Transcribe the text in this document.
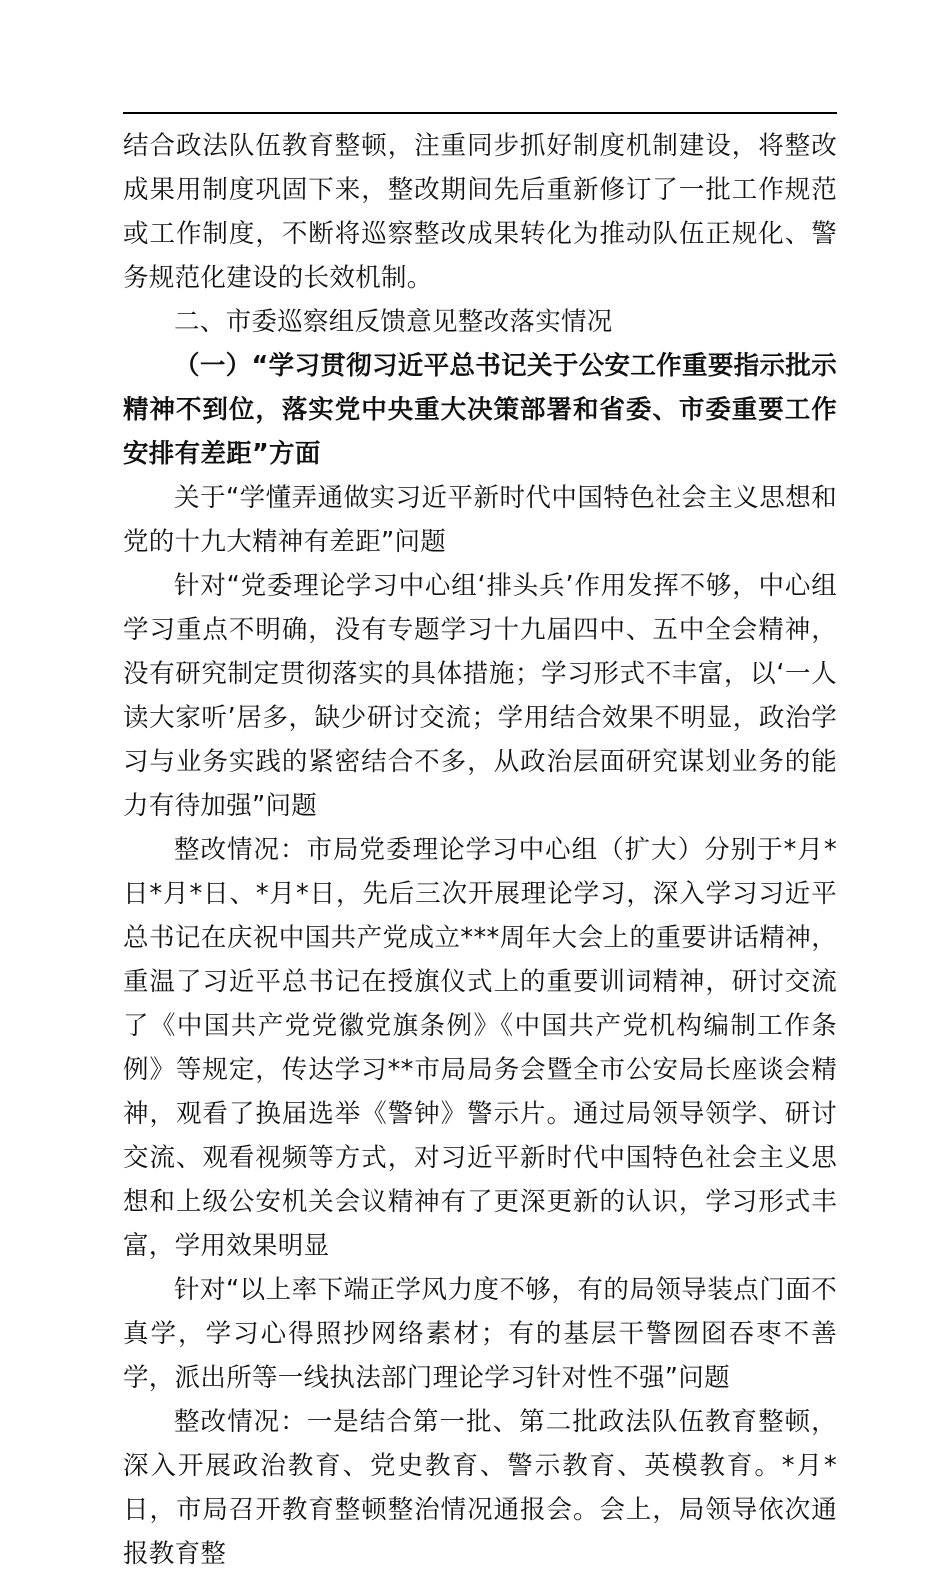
结合政法队伍教育整顿，注重同步抓好制度机制建设，将整改成果用制度巩固下来，整改期间先后重新修订了一批工作规范或工作制度，不断将巡察整改成果转化为推动队伍正规化、警务规范化建设的长效机制。

二、市委巡察组反馈意见整改落实情况

（一）“学习贯彻习近平总书记关于公安工作重要指示批示精神不到位，落实党中央重大决策部署和省委、市委重要工作安排有差距”方面

关于“学懂弄通做实习近平新时代中国特色社会主义思想和党的十九大精神有差距”问题

针对“党委理论学习中心组‘排头兵’作用发挥不够，中心组学习重点不明确，没有专题学习十九届四中、五中全会精神，没有研究制定贯彻落实的具体措施；学习形式不丰富，以‘一人读大家听’居多，缺少研讨交流；学用结合效果不明显，政治学习与业务实践的紧密结合不多，从政治层面研究谋划业务的能力有待加强”问题

整改情况：市局党委理论学习中心组（扩大）分别于*月*日*月*日、*月*日，先后三次开展理论学习，深入学习习近平总书记在庆祝中国共产党成立***周年大会上的重要讲话精神，重温了习近平总书记在授旗仪式上的重要训词精神，研讨交流了《中国共产党党徽党旗条例》《中国共产党机构编制工作条例》等规定，传达学习**市局局务会暨全市公安局长座谈会精神，观看了换届选举《警钟》警示片。通过局领导领学、研讨交流、观看视频等方式，对习近平新时代中国特色社会主义思想和上级公安机关会议精神有了更深更新的认识，学习形式丰富，学用效果明显

针对“以上率下端正学风力度不够，有的局领导装点门面不真学，学习心得照抄网络素材；有的基层干警囫囵吞枣不善学，派出所等一线执法部门理论学习针对性不强”问题

整改情况：一是结合第一批、第二批政法队伍教育整顿，深入开展政治教育、党史教育、警示教育、英模教育。*月*日，市局召开教育整顿整治情况通报会。会上，局领导依次通报教育整
